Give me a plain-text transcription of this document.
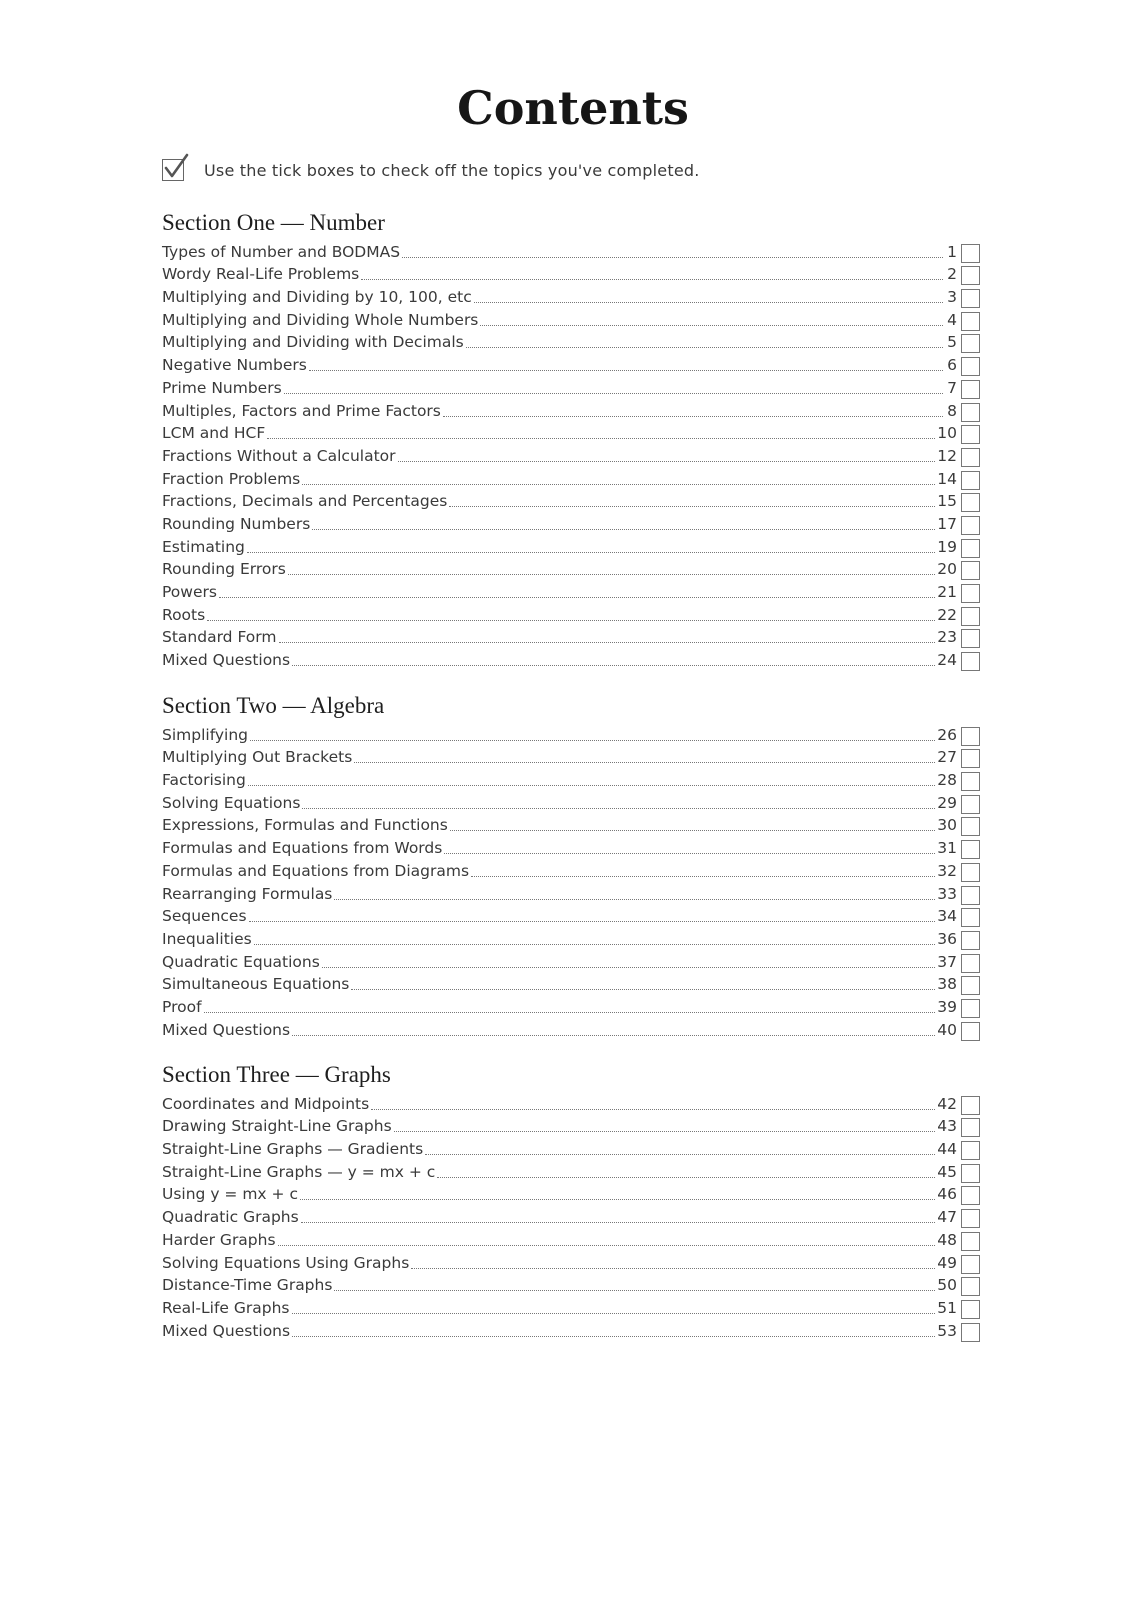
Contents
Use the tick boxes to check off the topics you've completed.
Section One — Number
Types of Number and BODMAS	1
Wordy Real-Life Problems	2
Multiplying and Dividing by 10, 100, etc	3
Multiplying and Dividing Whole Numbers	4
Multiplying and Dividing with Decimals	5
Negative Numbers	6
Prime Numbers	7
Multiples, Factors and Prime Factors	8
LCM and HCF	10
Fractions Without a Calculator	12
Fraction Problems	14
Fractions, Decimals and Percentages	15
Rounding Numbers	17
Estimating	19
Rounding Errors	20
Powers	21
Roots	22
Standard Form	23
Mixed Questions	24
Section Two — Algebra
Simplifying	26
Multiplying Out Brackets	27
Factorising	28
Solving Equations	29
Expressions, Formulas and Functions	30
Formulas and Equations from Words	31
Formulas and Equations from Diagrams	32
Rearranging Formulas	33
Sequences	34
Inequalities	36
Quadratic Equations	37
Simultaneous Equations	38
Proof	39
Mixed Questions	40
Section Three — Graphs
Coordinates and Midpoints	42
Drawing Straight-Line Graphs	43
Straight-Line Graphs — Gradients	44
Straight-Line Graphs — y = mx + c	45
Using y = mx + c	46
Quadratic Graphs	47
Harder Graphs	48
Solving Equations Using Graphs	49
Distance-Time Graphs	50
Real-Life Graphs	51
Mixed Questions	53
